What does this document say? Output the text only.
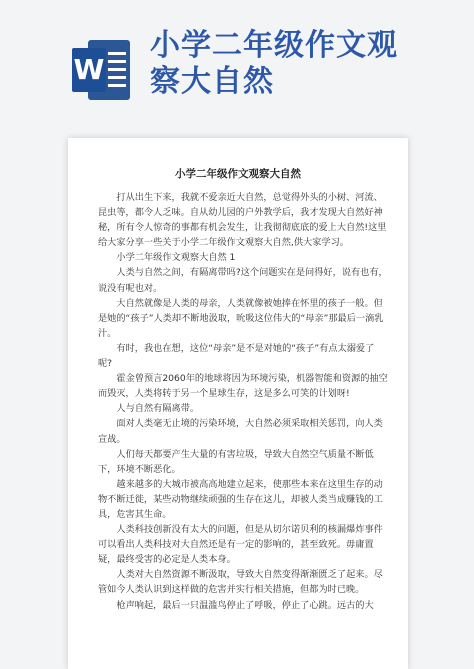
W
小学二年级作文观
察大自然
小学二年级作文观察大自然

打从出生下来，我就不爱亲近大自然，总觉得外头的小树、河流、昆虫等，都令人乏味。自从幼儿园的户外教学后，我才发现大自然好神秘，所有令人惊奇的事都有机会发生，让我彻彻底底的爱上大自然!这里给大家分享一些关于小学二年级作文观察大自然,供大家学习。

小学二年级作文观察大自然 1

人类与自然之间，有隔离带吗?这个问题实在是问得好，说有也有，说没有呢也对。

大自然就像是人类的母亲，人类就像被她捧在怀里的孩子一般。但是她的“孩子”人类却不断地汲取，吮吸这位伟大的“母亲”那最后一滴乳汁。

有时，我也在想，这位“母亲”是不是对她的“孩子”有点太溺爱了呢?

霍金曾预言2060年的地球将因为环境污染，机器智能和资源的抽空而毁灭，人类将转于另一个星球生存，这是多么可笑的计划呀!

人与自然有隔离带。

面对人类毫无止境的污染环境，大自然必须采取相关惩罚，向人类宣战。

人们每天都要产生大量的有害垃圾，导致大自然空气质量不断低下，环境不断恶化。

越来越多的大城市被高高地建立起来，使那些本来在这里生存的动物不断迁徙，某些动物继续顽强的生存在这儿，却被人类当成赚钱的工具，危害其生命。

人类科技创新没有太大的问题，但是从切尔诺贝利的核漏爆炸事件可以看出人类科技对大自然还是有一定的影响的，甚至致死。毋庸置疑，最终受害的必定是人类本身。

人类对大自然资源不断汲取，导致大自然变得渐渐匮乏了起来。尽管如今人类认识到这样做的危害并实行相关措施，但都为时已晚。

枪声响起，最后一只温滥鸟停止了呼吸，停止了心跳。远古的大
